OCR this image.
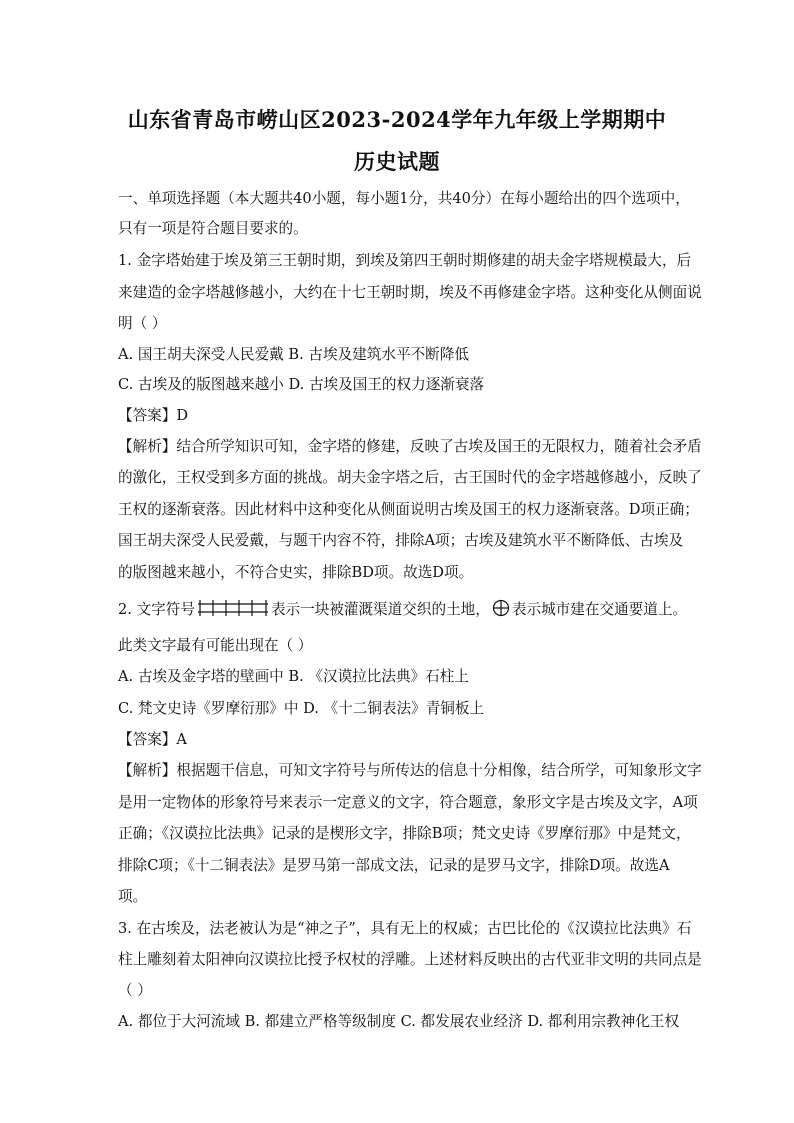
山东省青岛市崂山区2023-2024学年九年级上学期期中
历史试题
一、单项选择题（本大题共40小题，每小题1分，共40分）在每小题给出的四个选项中，
只有一项是符合题目要求的。
1. 金字塔始建于埃及第三王朝时期，到埃及第四王朝时期修建的胡夫金字塔规模最大，后
来建造的金字塔越修越小，大约在十七王朝时期，埃及不再修建金字塔。这种变化从侧面说
明（ ）
A. 国王胡夫深受人民爱戴 B. 古埃及建筑水平不断降低
C. 古埃及的版图越来越小 D. 古埃及国王的权力逐渐衰落
【答案】D
【解析】结合所学知识可知，金字塔的修建，反映了古埃及国王的无限权力，随着社会矛盾
的激化，王权受到多方面的挑战。胡夫金字塔之后，古王国时代的金字塔越修越小，反映了
王权的逐渐衰落。因此材料中这种变化从侧面说明古埃及国王的权力逐渐衰落。D项正确；
国王胡夫深受人民爱戴，与题干内容不符，排除A项；古埃及建筑水平不断降低、古埃及
的版图越来越小，不符合史实，排除BD项。故选D项。
2. 文字符号	表示一块被灌溉渠道交织的土地， 表示城市建在交通要道上。
此类文字最有可能出现在（ ）
A. 古埃及金字塔的壁画中 B. 《汉谟拉比法典》石柱上
C. 梵文史诗《罗摩衍那》中 D. 《十二铜表法》青铜板上
【答案】A
【解析】根据题干信息，可知文字符号与所传达的信息十分相像，结合所学，可知象形文字
是用一定物体的形象符号来表示一定意义的文字，符合题意，象形文字是古埃及文字，A项
正确；《汉谟拉比法典》记录的是楔形文字，排除B项；梵文史诗《罗摩衍那》中是梵文，
排除C项；《十二铜表法》是罗马第一部成文法，记录的是罗马文字，排除D项。故选A
项。
3. 在古埃及，法老被认为是“神之子”，具有无上的权威；古巴比伦的《汉谟拉比法典》石
柱上雕刻着太阳神向汉谟拉比授予权杖的浮雕。上述材料反映出的古代亚非文明的共同点是
（ ）
A. 都位于大河流域 B. 都建立严格等级制度 C. 都发展农业经济 D. 都利用宗教神化王权
